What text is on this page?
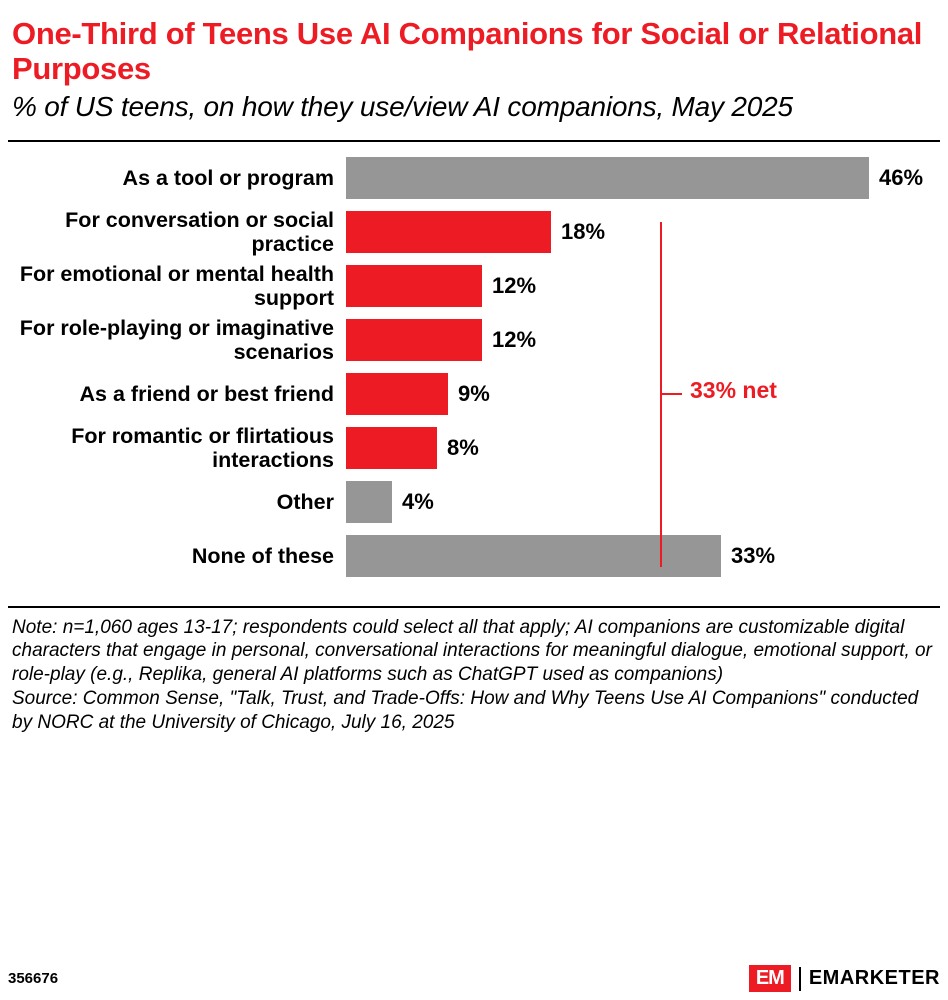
One-Third of Teens Use AI Companions for Social or Relational Purposes

% of US teens, on how they use/view AI companions, May 2025

As a tool or program	46%
For conversation or social practice	18%
For emotional or mental health support	12%
For role-playing or imaginative scenarios	12%
As a friend or best friend	9%
For romantic or flirtatious interactions	8%
Other	4%
None of these	33%
33% net

Note: n=1,060 ages 13-17; respondents could select all that apply; AI companions are customizable digital characters that engage in personal, conversational interactions for meaningful dialogue, emotional support, or role-play (e.g., Replika, general AI platforms such as ChatGPT used as companions)

Source: Common Sense, "Talk, Trust, and Trade-Offs: How and Why Teens Use AI Companions" conducted by NORC at the University of Chicago, July 16, 2025

356676	EM	EMARKETER
